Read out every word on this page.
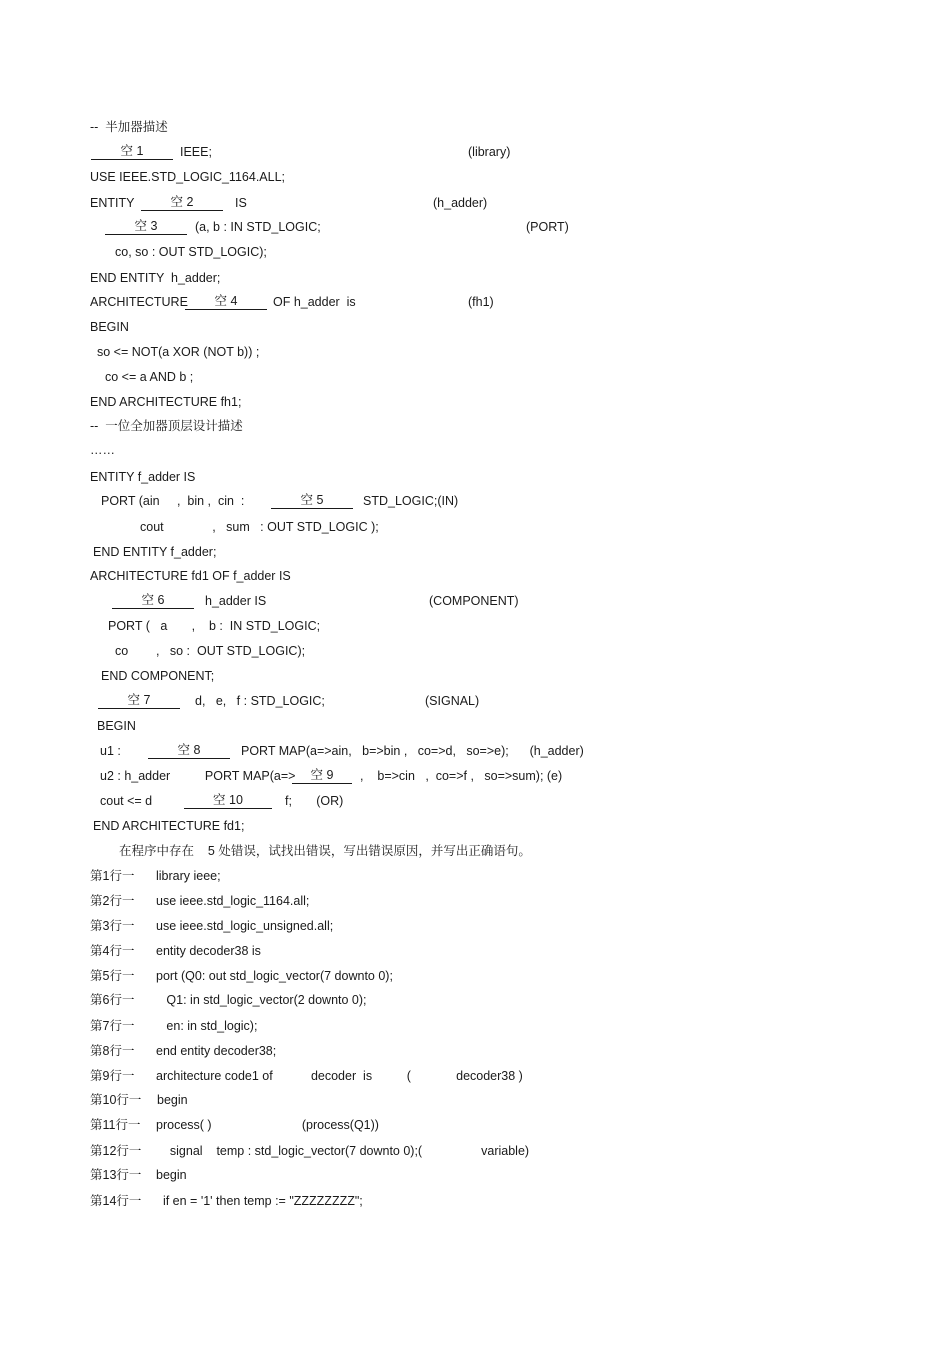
--  半加器描述

空 1

	IEEE;

	(library)

USE IEEE.STD_LOGIC_1164.ALL;

ENTITY

	空 2

	IS

	(h_adder)

空 3

	(a, b : IN STD_LOGIC;

	(PORT)

co, so : OUT STD_LOGIC);

END ENTITY  h_adder;

ARCHITECTURE

	空 4

	OF h_adder  is

	(fh1)

BEGIN

so <= NOT(a XOR (NOT b)) ;

co <= a AND b ;

END ARCHITECTURE fh1;

--  一位全加器顶层设计描述

……

ENTITY f_adder IS

PORT (ain     ,  bin ,  cin  :

	空 5

	STD_LOGIC;(IN)

cout              ,   sum   : OUT STD_LOGIC );

END ENTITY f_adder;

ARCHITECTURE fd1 OF f_adder IS

空 6

	h_adder IS

	(COMPONENT)

PORT (   a       ,    b :  IN STD_LOGIC;

co        ,   so :  OUT STD_LOGIC);

END COMPONENT;

空 7

	d,   e,   f : STD_LOGIC;

	(SIGNAL)

BEGIN

u1 :

	空 8

	PORT MAP(a=>ain,   b=>bin ,   co=>d,   so=>e);      (h_adder)

u2 : h_adder          PORT MAP(a=>

	空 9

	,    b=>cin   ,  co=>f ,   so=>sum); (e)

cout <= d

	空 10

	f;       (OR)

END ARCHITECTURE fd1;

在程序中存在    5 处错误，试找出错误，写出错误原因，并写出正确语句。

第1行一

library ieee;

第2行一

use ieee.std_logic_1164.all;

第3行一

use ieee.std_logic_unsigned.all;

第4行一

entity decoder38 is

第5行一

port (Q0: out std_logic_vector(7 downto 0);

第6行一

Q1: in std_logic_vector(2 downto 0);

第7行一

en: in std_logic);

第8行一

end entity decoder38;

第9行一

architecture code1 of           decoder  is          (             decoder38 )

第10行一

begin

第11行一

process( )                          (process(Q1))

第12行一

signal    temp : std_logic_vector(7 downto 0);(                 variable)

第13行一

begin

第14行一

if en = '1' then temp := "ZZZZZZZZ";
